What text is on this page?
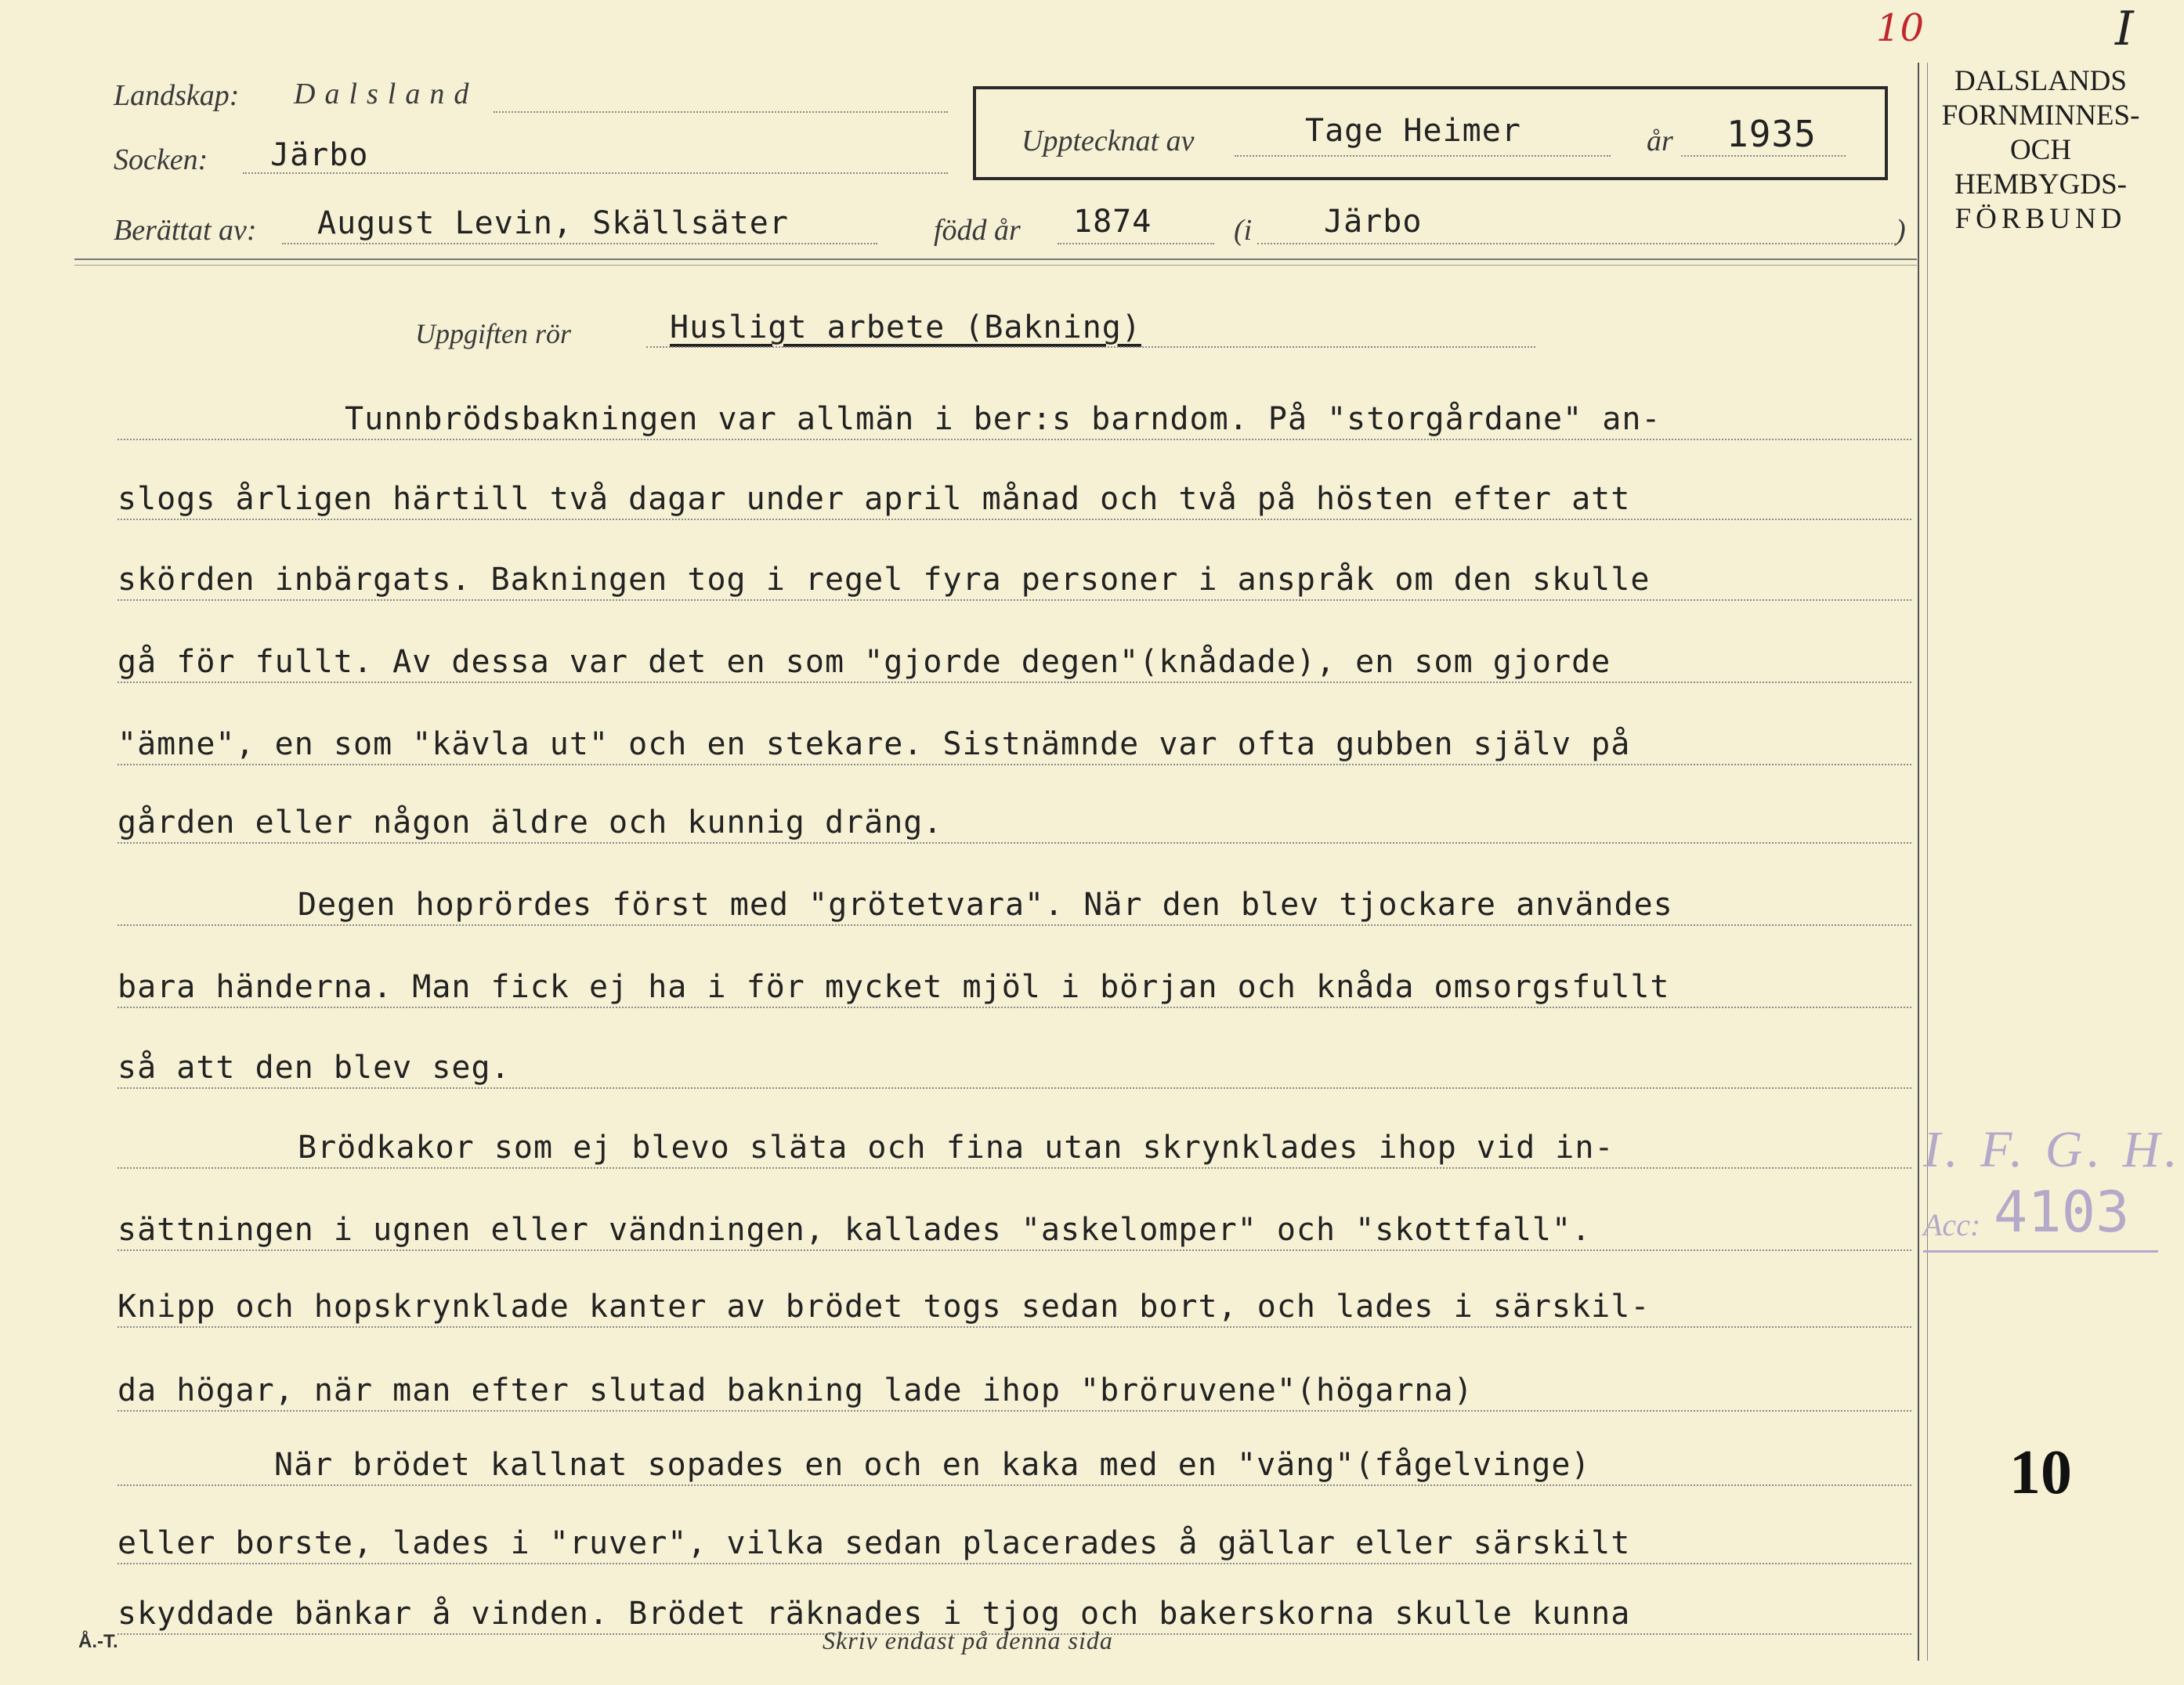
Landskap: Dalsland
Socken: Järbo
Berättat av: August Levin, Skällsäter	född år 1874	(i Järbo	)
Upptecknat av	Tage Heimer	år 1935
10	I
DALSLANDS
FORNMINNES-
OCH
HEMBYGDS-
FÖRBUND
I. F. G. H.
Acc: 4103
10
Uppgiften rör	Husligt arbete (Bakning)
Tunnbrödsbakningen var allmän i ber:s barndom. På "storgårdane" an-
slogs årligen härtill två dagar under april månad och två på hösten efter att
skörden inbärgats. Bakningen tog i regel fyra personer i anspråk om den skulle
gå för fullt. Av dessa var det en som "gjorde degen"(knådade), en som gjorde
"ämne", en som "kävla ut" och en stekare. Sistnämnde var ofta gubben själv på
gården eller någon äldre och kunnig dräng.
Degen hoprördes först med "grötetvara". När den blev tjockare användes
bara händerna. Man fick ej ha i för mycket mjöl i början och knåda omsorgsfullt
så att den blev seg.
Brödkakor som ej blevo släta och fina utan skrynklades ihop vid in-
sättningen i ugnen eller vändningen, kallades "askelomper" och "skottfall".
Knipp och hopskrynklade kanter av brödet togs sedan bort, och lades i särskil-
da högar, när man efter slutad bakning lade ihop "bröruvene"(högarna)
När brödet kallnat sopades en och en kaka med en "väng"(fågelvinge)
eller borste, lades i "ruver", vilka sedan placerades å gällar eller särskilt
skyddade bänkar å vinden. Brödet räknades i tjog och bakerskorna skulle kunna
Å.-T.	Skriv endast på denna sida
